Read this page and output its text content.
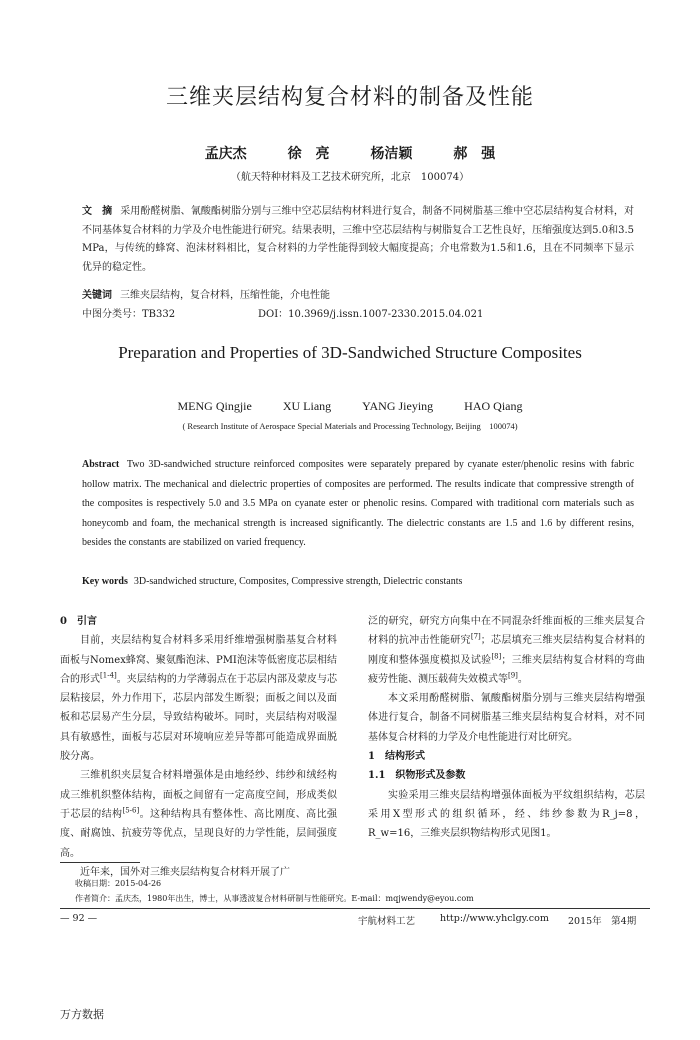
三维夹层结构复合材料的制备及性能
孟庆杰	徐　亮	杨洁颖	郝　强
（航天特种材料及工艺技术研究所，北京　100074）
文　摘 采用酚醛树脂、氰酸酯树脂分别与三维中空芯层结构材料进行复合，制备不同树脂基三维中空芯层结构复合材料，对不同基体复合材料的力学及介电性能进行研究。结果表明，三维中空芯层结构与树脂复合工艺性良好，压缩强度达到5.0和3.5 MPa，与传统的蜂窝、泡沫材料相比，复合材料的力学性能得到较大幅度提高；介电常数为1.5和1.6，且在不同频率下显示优异的稳定性。
关键词 三维夹层结构，复合材料，压缩性能，介电性能
中图分类号：TB332	DOI：10.3969/j.issn.1007-2330.2015.04.021
Preparation and Properties of 3D-Sandwiched Structure Composites
MENG Qingjie	XU Liang	YANG Jieying	HAO Qiang
( Research Institute of Aerospace Special Materials and Processing Technology, Beijing　100074)
Abstract Two 3D-sandwiched structure reinforced composites were separately prepared by cyanate ester/phenolic resins with fabric hollow matrix. The mechanical and dielectric properties of composites are performed. The results indicate that compressive strength of the composites is respectively 5.0 and 3.5 MPa on cyanate ester or phenolic resins. Compared with traditional corn materials such as honeycomb and foam, the mechanical strength is increased significantly. The dielectric constants are 1.5 and 1.6 by different resins, besides the constants are stabilized on varied frequency.
Key words 3D-sandwiched structure, Composites, Compressive strength, Dielectric constants

0　引言

目前，夹层结构复合材料多采用纤维增强树脂基复合材料面板与Nomex蜂窝、聚氨酯泡沫、PMI泡沫等低密度芯层相结合的形式[1-4]。夹层结构的力学薄弱点在于芯层内部及蒙皮与芯层粘接层，外力作用下，芯层内部发生断裂；面板之间以及面板和芯层易产生分层，导致结构破坏。同时，夹层结构对吸湿具有敏感性，面板与芯层对环境响应差异等都可能造成界面脱胶分离。

三维机织夹层复合材料增强体是由地经纱、纬纱和绒经构成三维机织整体结构，面板之间留有一定高度空间，形成类似于芯层的结构[5-6]。这种结构具有整体性、高比刚度、高比强度、耐腐蚀、抗疲劳等优点，呈现良好的力学性能，层间强度高。

近年来，国外对三维夹层结构复合材料开展了广

泛的研究，研究方向集中在不同混杂纤维面板的三维夹层复合材料的抗冲击性能研究[7]；芯层填充三维夹层结构复合材料的刚度和整体强度模拟及试验[8]；三维夹层结构复合材料的弯曲疲劳性能、测压载荷失效模式等[9]。

本文采用酚醛树脂、氰酸酯树脂分别与三维夹层结构增强体进行复合，制备不同树脂基三维夹层结构复合材料，对不同基体复合材料的力学及介电性能进行对比研究。

1　结构形式

1.1　织物形式及参数

实验采用三维夹层结构增强体面板为平纹组织结构，芯层采用X型形式的组织循环，经、纬纱参数为R_j=8，R_w=16，三维夹层织物结构形式见图1。

收稿日期：2015-04-26
作者简介：孟庆杰，1980年出生，博士，从事透波复合材料研制与性能研究。E-mail：mqjwendy@eyou.com
— 92 —	宇航材料工艺	http://www.yhclgy.com 2015年　第4期
万方数据
